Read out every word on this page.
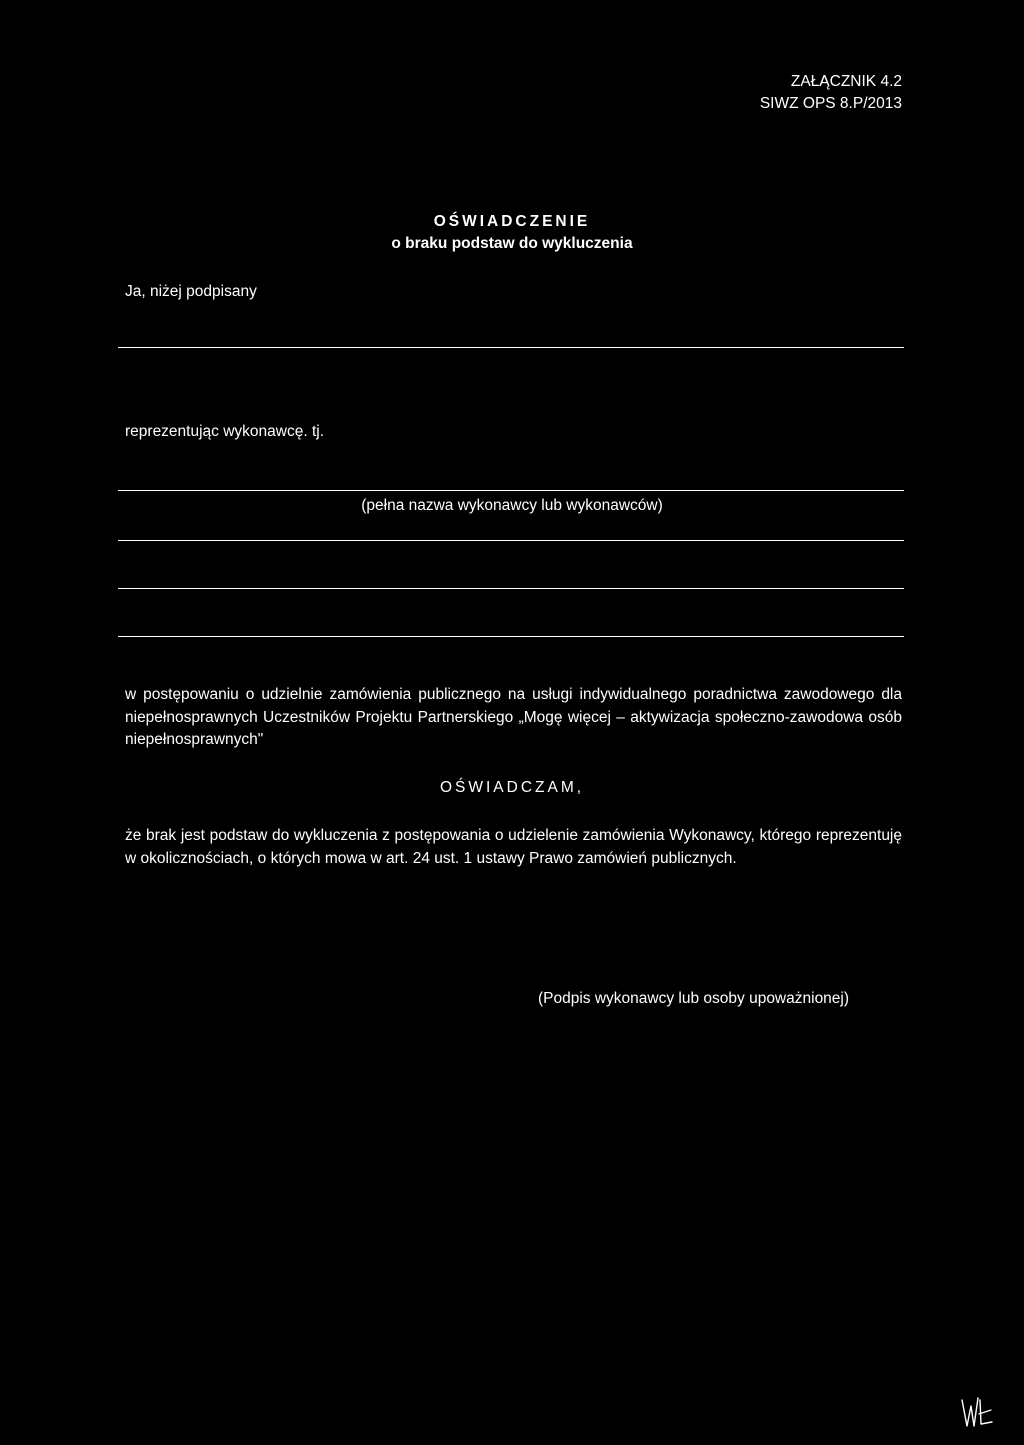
ZAŁĄCZNIK 4.2
SIWZ OPS 8.P/2013
OŚWIADCZENIE
o braku podstaw do wykluczenia
Ja, niżej podpisany
reprezentując wykonawcę. tj.
(pełna nazwa wykonawcy lub wykonawców)
w postępowaniu o udzielnie zamówienia publicznego na usługi indywidualnego poradnictwa zawodowego dla niepełnosprawnych Uczestników Projektu Partnerskiego „Mogę więcej – aktywizacja społeczno-zawodowa osób niepełnosprawnych"
OŚWIADCZAM,
że brak jest podstaw do wykluczenia z postępowania o udzielenie zamówienia Wykonawcy, którego reprezentuję w okolicznościach, o których mowa w art. 24 ust. 1 ustawy Prawo zamówień publicznych.
(Podpis wykonawcy lub osoby upoważnionej)
